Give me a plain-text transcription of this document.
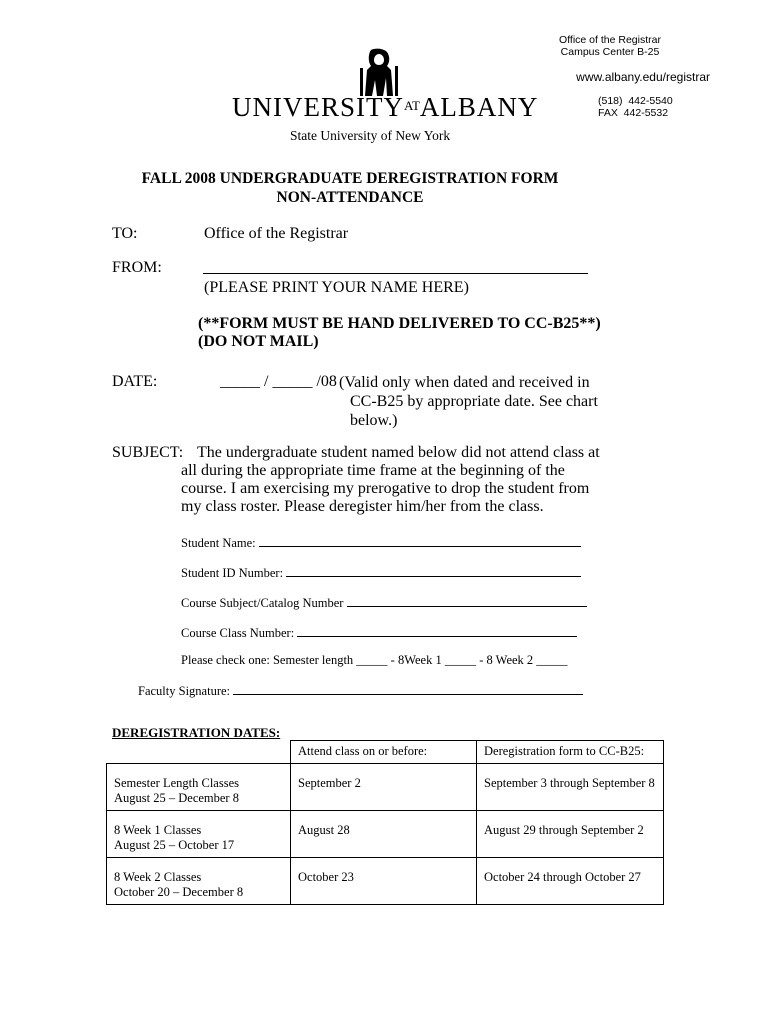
Office of the Registrar
Campus Center B-25
www.albany.edu/registrar
(518)  442-5540
FAX  442-5532
$UNIVERSITY^{AT}ALBANY$
State University of New York
FALL 2008 UNDERGRADUATE DEREGISTRATION FORM
NON-ATTENDANCE
TO:	Office of the Registrar
FROM:
(PLEASE PRINT YOUR NAME HERE)
(**FORM MUST BE HAND DELIVERED TO CC-B25**)
(DO NOT MAIL)
DATE:	_____ / _____ /08 (Valid only when dated and received in
CC-B25 by appropriate date. See chart
below.)
SUBJECT: The undergraduate student named below did not attend class at
all during the appropriate time frame at the beginning of the
course. I am exercising my prerogative to drop the student from
my class roster. Please deregister him/her from the class.
Student Name:
Student ID Number:
Course Subject/Catalog Number
Course Class Number:
Please check one: Semester length _____ - 8Week 1 _____ - 8 Week 2 _____
Faculty Signature:
DEREGISTRATION DATES:
	Attend class on or before:	Deregistration form to CC-B25:

Semester Length Classes
August 25 – December 8	September 2	September 3 through September 8

8 Week 1 Classes
August 25 – October 17	August 28	August 29 through September 2

8 Week 2 Classes
October 20 – December 8	October 23	October 24 through October 27
